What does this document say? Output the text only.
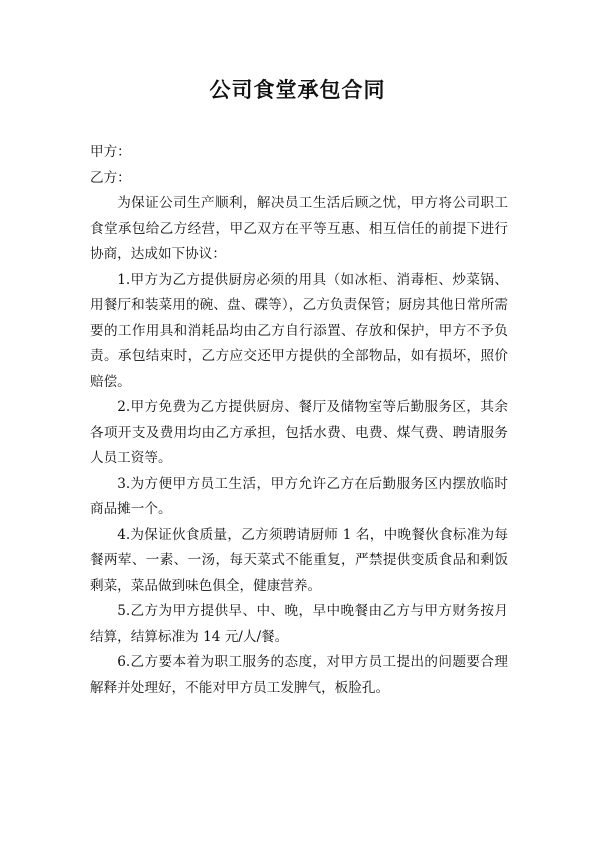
公司食堂承包合同

甲方：

乙方：

为保证公司生产顺利，解决员工生活后顾之忧，甲方将公司职工食堂承包给乙方经营，甲乙双方在平等互惠、相互信任的前提下进行协商，达成如下协议：

1.甲方为乙方提供厨房必须的用具（如冰柜、消毒柜、炒菜锅、用餐厅和装菜用的碗、盘、碟等），乙方负责保管；厨房其他日常所需要的工作用具和消耗品均由乙方自行添置、存放和保护，甲方不予负责。承包结束时，乙方应交还甲方提供的全部物品，如有损坏，照价赔偿。

2.甲方免费为乙方提供厨房、餐厅及储物室等后勤服务区，其余各项开支及费用均由乙方承担，包括水费、电费、煤气费、聘请服务人员工资等。

3.为方便甲方员工生活，甲方允许乙方在后勤服务区内摆放临时商品摊一个。

4.为保证伙食质量，乙方须聘请厨师 1 名，中晚餐伙食标准为每餐两荤、一素、一汤，每天菜式不能重复，严禁提供变质食品和剩饭剩菜，菜品做到味色俱全，健康营养。

5.乙方为甲方提供早、中、晚，早中晚餐由乙方与甲方财务按月结算，结算标准为 14 元/人/餐。

6.乙方要本着为职工服务的态度，对甲方员工提出的问题要合理解释并处理好，不能对甲方员工发脾气，板脸孔。
